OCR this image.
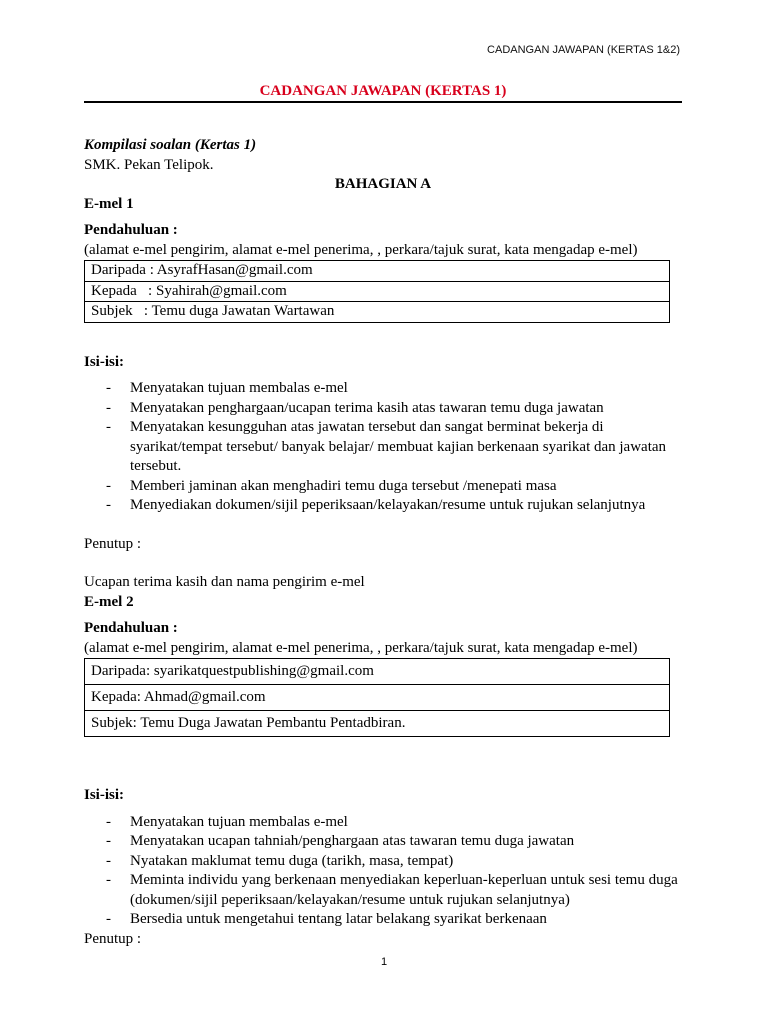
CADANGAN JAWAPAN (KERTAS 1&2)
CADANGAN JAWAPAN (KERTAS 1)
Kompilasi soalan (Kertas 1)
SMK. Pekan Telipok.
BAHAGIAN A
E-mel 1
Pendahuluan :
(alamat e-mel pengirim, alamat e-mel penerima, , perkara/tajuk surat, kata mengadap e-mel)
Daripada : AsyrafHasan@gmail.com
Kepada   : Syahirah@gmail.com
Subjek   : Temu duga Jawatan Wartawan
Isi-isi:
- Menyatakan tujuan membalas e-mel
- Menyatakan penghargaan/ucapan terima kasih atas tawaran temu duga jawatan
- Menyatakan kesungguhan atas jawatan tersebut dan sangat berminat bekerja di syarikat/tempat tersebut/ banyak belajar/ membuat kajian berkenaan syarikat dan jawatan tersebut.
- Memberi jaminan akan menghadiri temu duga tersebut /menepati masa
- Menyediakan dokumen/sijil peperiksaan/kelayakan/resume untuk rujukan selanjutnya
Penutup :
Ucapan terima kasih dan nama pengirim e-mel
E-mel 2
Pendahuluan :
(alamat e-mel pengirim, alamat e-mel penerima, , perkara/tajuk surat, kata mengadap e-mel)
Daripada: syarikatquestpublishing@gmail.com
Kepada: Ahmad@gmail.com
Subjek: Temu Duga Jawatan Pembantu Pentadbiran.
Isi-isi:
- Menyatakan tujuan membalas e-mel
- Menyatakan ucapan tahniah/penghargaan atas tawaran temu duga jawatan
- Nyatakan maklumat temu duga (tarikh, masa, tempat)
- Meminta individu yang berkenaan menyediakan keperluan-keperluan untuk sesi temu duga (dokumen/sijil peperiksaan/kelayakan/resume untuk rujukan selanjutnya)
- Bersedia untuk mengetahui tentang latar belakang syarikat berkenaan
Penutup :
1
